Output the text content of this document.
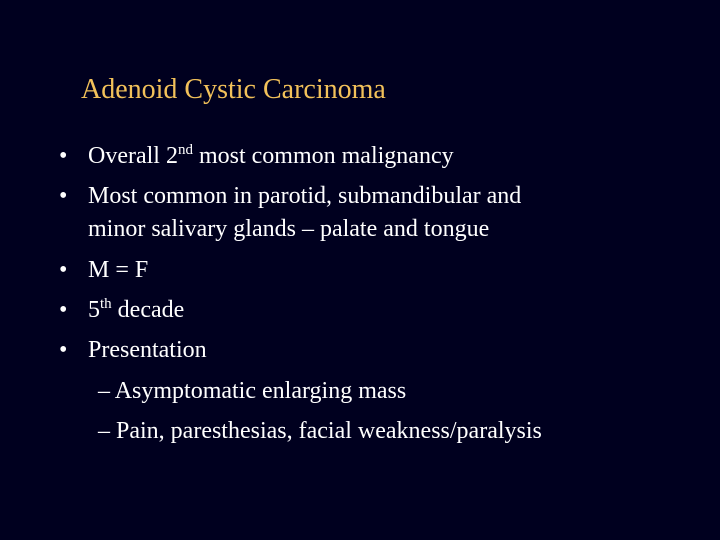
Adenoid Cystic Carcinoma
• Overall 2nd most common malignancy
• Most common in parotid, submandibular and
minor salivary glands – palate and tongue
• M = F
• 5th decade
• Presentation
– Asymptomatic enlarging mass
– Pain, paresthesias, facial weakness/paralysis
